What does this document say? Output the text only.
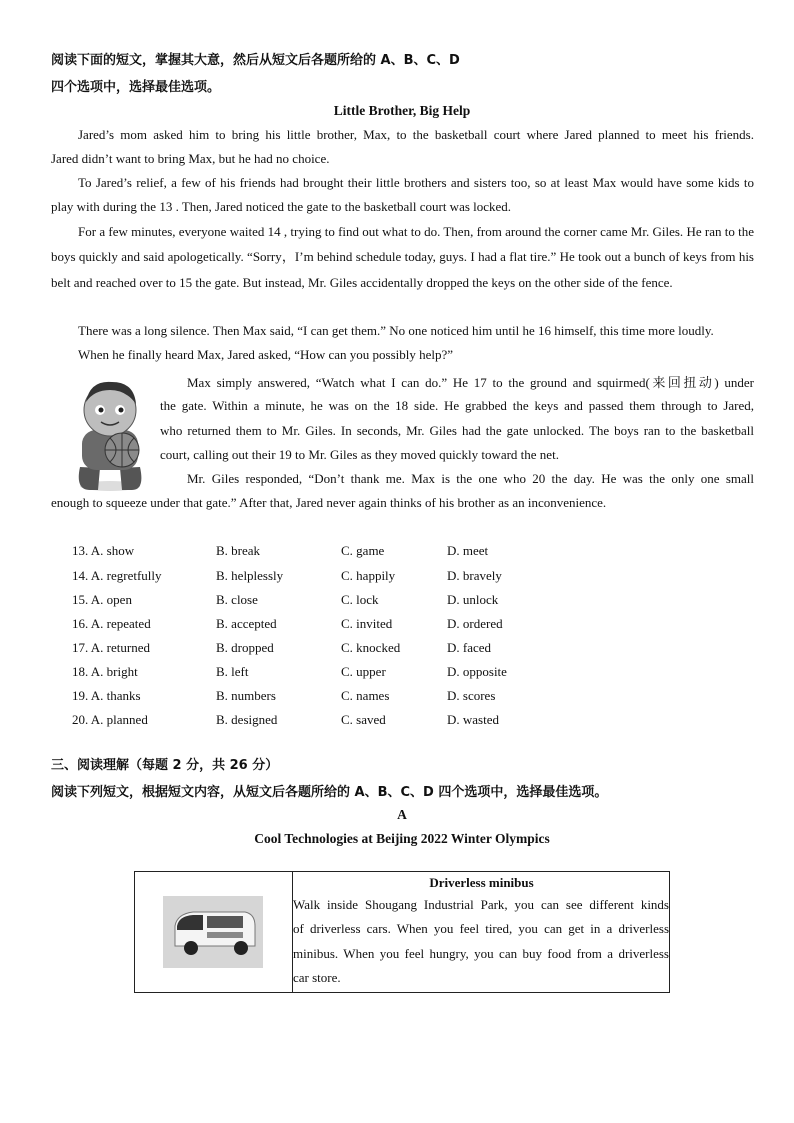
阅读下面的短文，掌握其大意，然后从短文后各题所给的 A、B、C、D
四个选项中，选择最佳选项。
Little Brother, Big Help
Jared’s mom asked him to bring his little brother, Max, to the basketball court where Jared planned to meet his friends.
Jared didn’t want to bring Max, but he had no choice.
To Jared’s relief, a few of his friends had brought their little brothers and sisters too, so at least Max would have some kids to play with during the 13 . Then, Jared noticed the gate to the basketball court was locked.
For a few minutes, everyone waited 14 , trying to find out what to do. Then, from around the corner came Mr. Giles. He ran to the boys quickly and said apologetically. “Sorry，I’m behind schedule today, guys. I had a flat tire.” He took out a bunch of keys from his belt and reached over to 15 the gate. But instead, Mr. Giles accidentally dropped the keys on the other side of the fence.
There was a long silence. Then Max said, “I can get them.” No one noticed him until he 16 himself, this time more loudly.
When he finally heard Max, Jared asked, “How can you possibly help?”
Max simply answered, “Watch what I can do.” He 17 to the ground and squirmed(来回扭动) under
the gate. Within a minute, he was on the 18 side. He grabbed the keys and passed them through to Jared,
who returned them to Mr. Giles. In seconds, Mr. Giles had the gate unlocked. The boys ran to the basketball
court, calling out their 19 to Mr. Giles as they moved quickly toward the net.
Mr. Giles responded, “Don’t thank me. Max is the one who 20 the day. He was the only one small
enough to squeeze under that gate.” After that, Jared never again thinks of his brother as an inconvenience.
13. A. show	B. break	C. game	D. meet
14. A. regretfully	B. helplessly	C. happily	D. bravely
15. A. open	B. close	C. lock	D. unlock
16. A. repeated	B. accepted	C. invited	D. ordered
17. A. returned	B. dropped	C. knocked	D. faced
18. A. bright	B. left	C. upper	D. opposite
19. A. thanks	B. numbers	C. names	D. scores
20. A. planned	B. designed	C. saved	D. wasted
三、阅读理解（每题 2 分，共 26 分）
阅读下列短文，根据短文内容，从短文后各题所给的 A、B、C、D 四个选项中，选择最佳选项。
A
Cool Technologies at Beijing 2022 Winter Olympics
Driverless minibus
Walk inside Shougang Industrial Park, you can see different kinds
of driverless cars. When you feel tired, you can get in a driverless
minibus. When you feel hungry, you can buy food from a driverless
car store.
